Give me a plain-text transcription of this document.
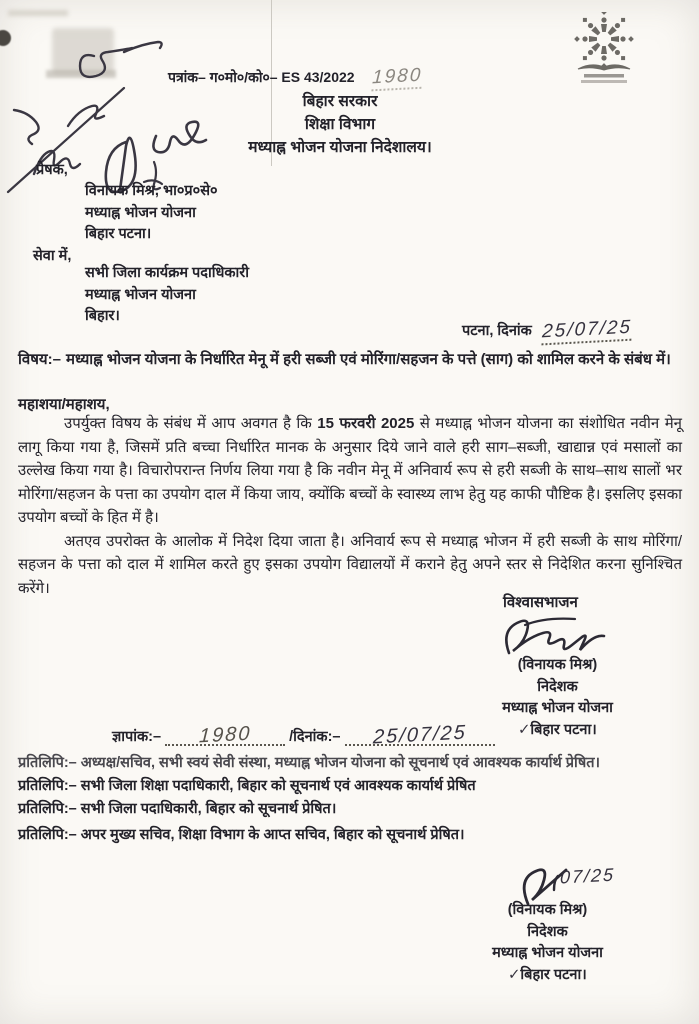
पत्रांक– ग०मो०/को०– ES 43/2022 1980
बिहार सरकार
शिक्षा विभाग
मध्याह्न भोजन योजना निदेशालय।
प्रेषक,
विनायक मिश्र, भा०प्र०से०
मध्याह्न भोजन योजना
बिहार पटना।
सेवा में,
सभी जिला कार्यक्रम पदाधिकारी
मध्याह्न भोजन योजना
बिहार।
पटना, दिनांक 25/07/25
विषय:– मध्याह्न भोजन योजना के निर्धारित मेनू में हरी सब्जी एवं मोरिंगा/सहजन के पत्ते (साग) को शामिल करने के संबंध में।
महाशया/महाशय,

उपर्युक्त विषय के संबंध में आप अवगत है कि 15 फरवरी 2025 से मध्याह्न भोजन योजना का संशोधित नवीन मेनू लागू किया गया है, जिसमें प्रति बच्चा निर्धारित मानक के अनुसार दिये जाने वाले हरी साग–सब्जी, खाद्यान्न एवं मसालों का उल्लेख किया गया है। विचारोपरान्त निर्णय लिया गया है कि नवीन मेनू में अनिवार्य रूप से हरी सब्जी के साथ–साथ सालों भर मोरिंगा/सहजन के पत्ता का उपयोग दाल में किया जाय, क्योंकि बच्चों के स्वास्थ्य लाभ हेतु यह काफी पौष्टिक है। इसलिए इसका उपयोग बच्चों के हित में है।

अतएव उपरोक्त के आलोक में निदेश दिया जाता है। अनिवार्य रूप से मध्याह्न भोजन में हरी सब्जी के साथ मोरिंगा/सहजन के पत्ता को दाल में शामिल करते हुए इसका उपयोग विद्यालयों में कराने हेतु अपने स्तर से निदेशित करना सुनिश्चित करेंगे।

विश्वासभाजन
(विनायक मिश्र)
निदेशक
मध्याह्न भोजन योजना
✓बिहार पटना।
ज्ञापांक:– 1980	/दिनांक:– 25/07/25

प्रतिलिपि:– अध्यक्ष/सचिव, सभी स्वयं सेवी संस्था, मध्याह्न भोजन योजना को सूचनार्थ एवं आवश्यक कार्यार्थ प्रेषित।

प्रतिलिपि:– सभी जिला शिक्षा पदाधिकारी, बिहार को सूचनार्थ एवं आवश्यक कार्यार्थ प्रेषित

प्रतिलिपि:– सभी जिला पदाधिकारी, बिहार को सूचनार्थ प्रेषित।

प्रतिलिपि:– अपर मुख्य सचिव, शिक्षा विभाग के आप्त सचिव, बिहार को सूचनार्थ प्रेषित।

07/25
(विनायक मिश्र)
निदेशक
मध्याह्न भोजन योजना
✓बिहार पटना।
